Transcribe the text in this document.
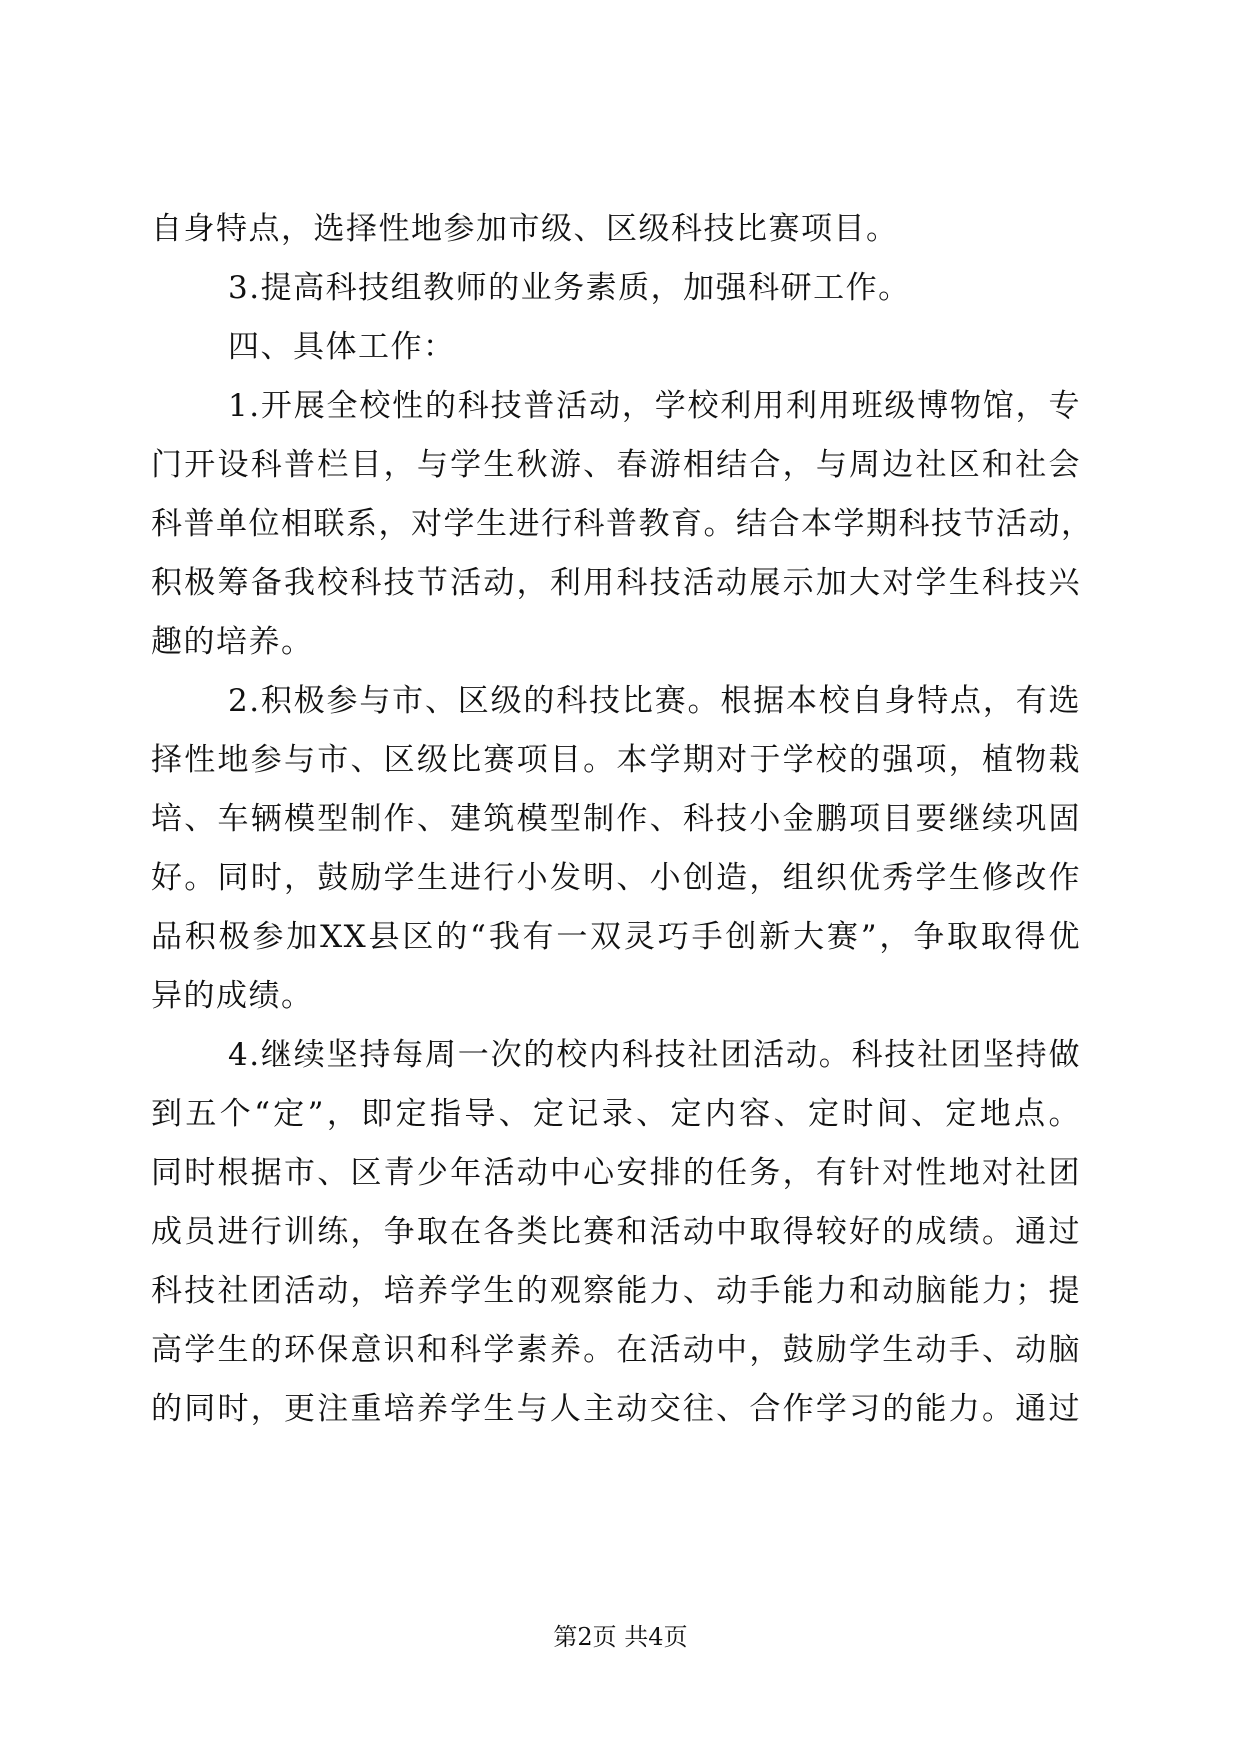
自身特点，选择性地参加市级、区级科技比赛项目。
3.提高科技组教师的业务素质，加强科研工作。
四、具体工作：
1.开展全校性的科技普活动，学校利用利用班级博物馆，专
门开设科普栏目，与学生秋游、春游相结合，与周边社区和社会
科普单位相联系，对学生进行科普教育。结合本学期科技节活动，
积极筹备我校科技节活动，利用科技活动展示加大对学生科技兴
趣的培养。
2.积极参与市、区级的科技比赛。根据本校自身特点，有选
择性地参与市、区级比赛项目。本学期对于学校的强项，植物栽
培、车辆模型制作、建筑模型制作、科技小金鹏项目要继续巩固
好。同时，鼓励学生进行小发明、小创造，组织优秀学生修改作
品积极参加XX县区的“我有一双灵巧手创新大赛”，争取取得优
异的成绩。
4.继续坚持每周一次的校内科技社团活动。科技社团坚持做
到五个“定”，即定指导、定记录、定内容、定时间、定地点。
同时根据市、区青少年活动中心安排的任务，有针对性地对社团
成员进行训练，争取在各类比赛和活动中取得较好的成绩。通过
科技社团活动，培养学生的观察能力、动手能力和动脑能力；提
高学生的环保意识和科学素养。在活动中，鼓励学生动手、动脑
的同时，更注重培养学生与人主动交往、合作学习的能力。通过
第2页 共4页
